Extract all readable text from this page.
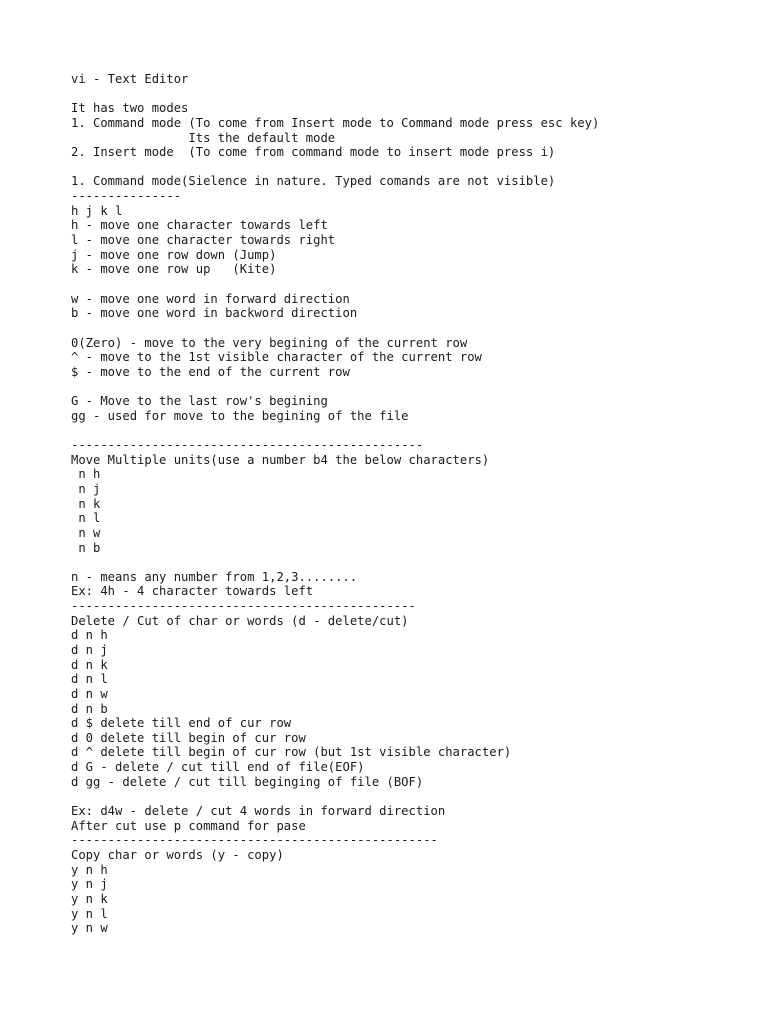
vi - Text Editor
It has two modes
1. Command mode (To come from Insert mode to Command mode press esc key)
Its the default mode
2. Insert mode  (To come from command mode to insert mode press i)
1. Command mode(Sielence in nature. Typed comands are not visible)
---------------
h j k l
h - move one character towards left
l - move one character towards right
j - move one row down (Jump)
k - move one row up   (Kite)
w - move one word in forward direction
b - move one word in backword direction
0(Zero) - move to the very begining of the current row
^ - move to the 1st visible character of the current row
$ - move to the end of the current row
G - Move to the last row's begining
gg - used for move to the begining of the file
------------------------------------------------
Move Multiple units(use a number b4 the below characters)
n h
n j
n k
n l
n w
n b
n - means any number from 1,2,3........
Ex: 4h - 4 character towards left
-----------------------------------------------
Delete / Cut of char or words (d - delete/cut)
d n h
d n j
d n k
d n l
d n w
d n b
d $ delete till end of cur row
d 0 delete till begin of cur row
d ^ delete till begin of cur row (but 1st visible character)
d G - delete / cut till end of file(EOF)
d gg - delete / cut till beginging of file (BOF)
Ex: d4w - delete / cut 4 words in forward direction
After cut use p command for pase
--------------------------------------------------
Copy char or words (y - copy)
y n h
y n j
y n k
y n l
y n w
